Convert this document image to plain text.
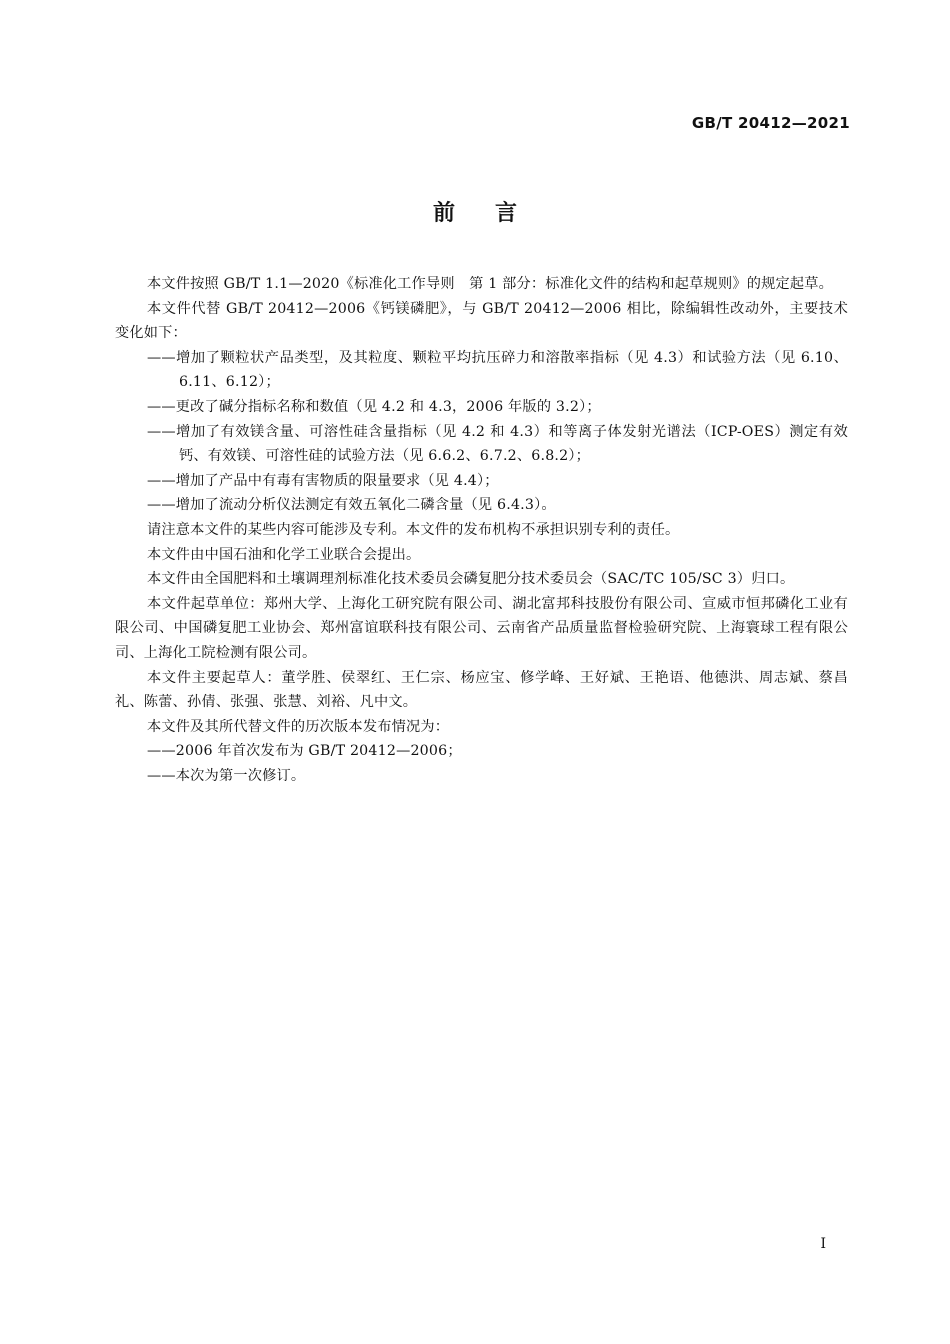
GB/T 20412—2021
前言

本文件按照 GB/T 1.1—2020《标准化工作导则　第 1 部分：标准化文件的结构和起草规则》的规定起草。

本文件代替 GB/T 20412—2006《钙镁磷肥》，与 GB/T 20412—2006 相比，除编辑性改动外，主要技术变化如下：

——增加了颗粒状产品类型，及其粒度、颗粒平均抗压碎力和溶散率指标（见 4.3）和试验方法（见 6.10、6.11、6.12）；

——更改了碱分指标名称和数值（见 4.2 和 4.3，2006 年版的 3.2）；

——增加了有效镁含量、可溶性硅含量指标（见 4.2 和 4.3）和等离子体发射光谱法（ICP-OES）测定有效钙、有效镁、可溶性硅的试验方法（见 6.6.2、6.7.2、6.8.2）；

——增加了产品中有毒有害物质的限量要求（见 4.4）；

——增加了流动分析仪法测定有效五氧化二磷含量（见 6.4.3）。

请注意本文件的某些内容可能涉及专利。本文件的发布机构不承担识别专利的责任。

本文件由中国石油和化学工业联合会提出。

本文件由全国肥料和土壤调理剂标准化技术委员会磷复肥分技术委员会（SAC/TC 105/SC 3）归口。

本文件起草单位：郑州大学、上海化工研究院有限公司、湖北富邦科技股份有限公司、宣威市恒邦磷化工业有限公司、中国磷复肥工业协会、郑州富谊联科技有限公司、云南省产品质量监督检验研究院、上海寰球工程有限公司、上海化工院检测有限公司。

本文件主要起草人：董学胜、侯翠红、王仁宗、杨应宝、修学峰、王好斌、王艳语、他德洪、周志斌、蔡昌礼、陈蕾、孙倩、张强、张慧、刘裕、凡中文。

本文件及其所代替文件的历次版本发布情况为：

——2006 年首次发布为 GB/T 20412—2006；

——本次为第一次修订。

I
